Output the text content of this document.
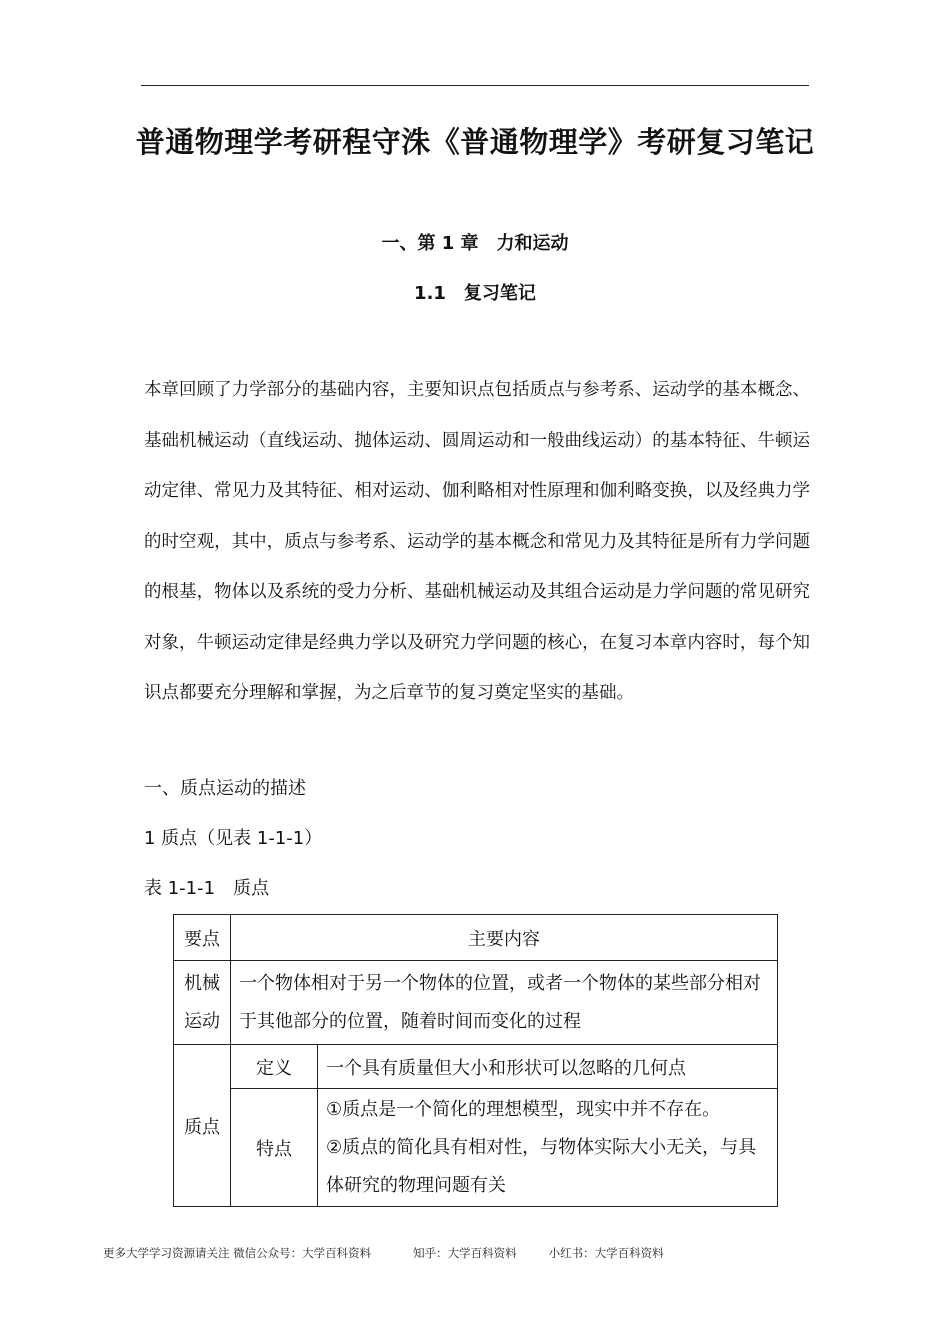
普通物理学考研程守洙《普通物理学》考研复习笔记
一、第 1 章　力和运动
1.1　复习笔记

本章回顾了力学部分的基础内容，主要知识点包括质点与参考系、运动学的基本概念、基础机械运动（直线运动、抛体运动、圆周运动和一般曲线运动）的基本特征、牛顿运动定律、常见力及其特征、相对运动、伽利略相对性原理和伽利略变换，以及经典力学的时空观，其中，质点与参考系、运动学的基本概念和常见力及其特征是所有力学问题的根基，物体以及系统的受力分析、基础机械运动及其组合运动是力学问题的常见研究对象，牛顿运动定律是经典力学以及研究力学问题的核心，在复习本章内容时，每个知识点都要充分理解和掌握，为之后章节的复习奠定坚实的基础。

一、质点运动的描述
1 质点（见表 1-1-1）
表 1-1-1　质点
要点	主要内容	

机械运动	一个物体相对于另一个物体的位置，或者一个物体的某些部分相对于其他部分的位置，随着时间而变化的过程	
质点	定义	一个具有质量但大小和形状可以忽略的几何点
	特点	①质点是一个简化的理想模型，现实中并不存在。
②质点的简化具有相对性，与物体实际大小无关，与具体研究的物理问题有关
更多大学学习资源请关注 微信公众号：大学百科资料	知乎：大学百科资料	小红书：大学百科资料
